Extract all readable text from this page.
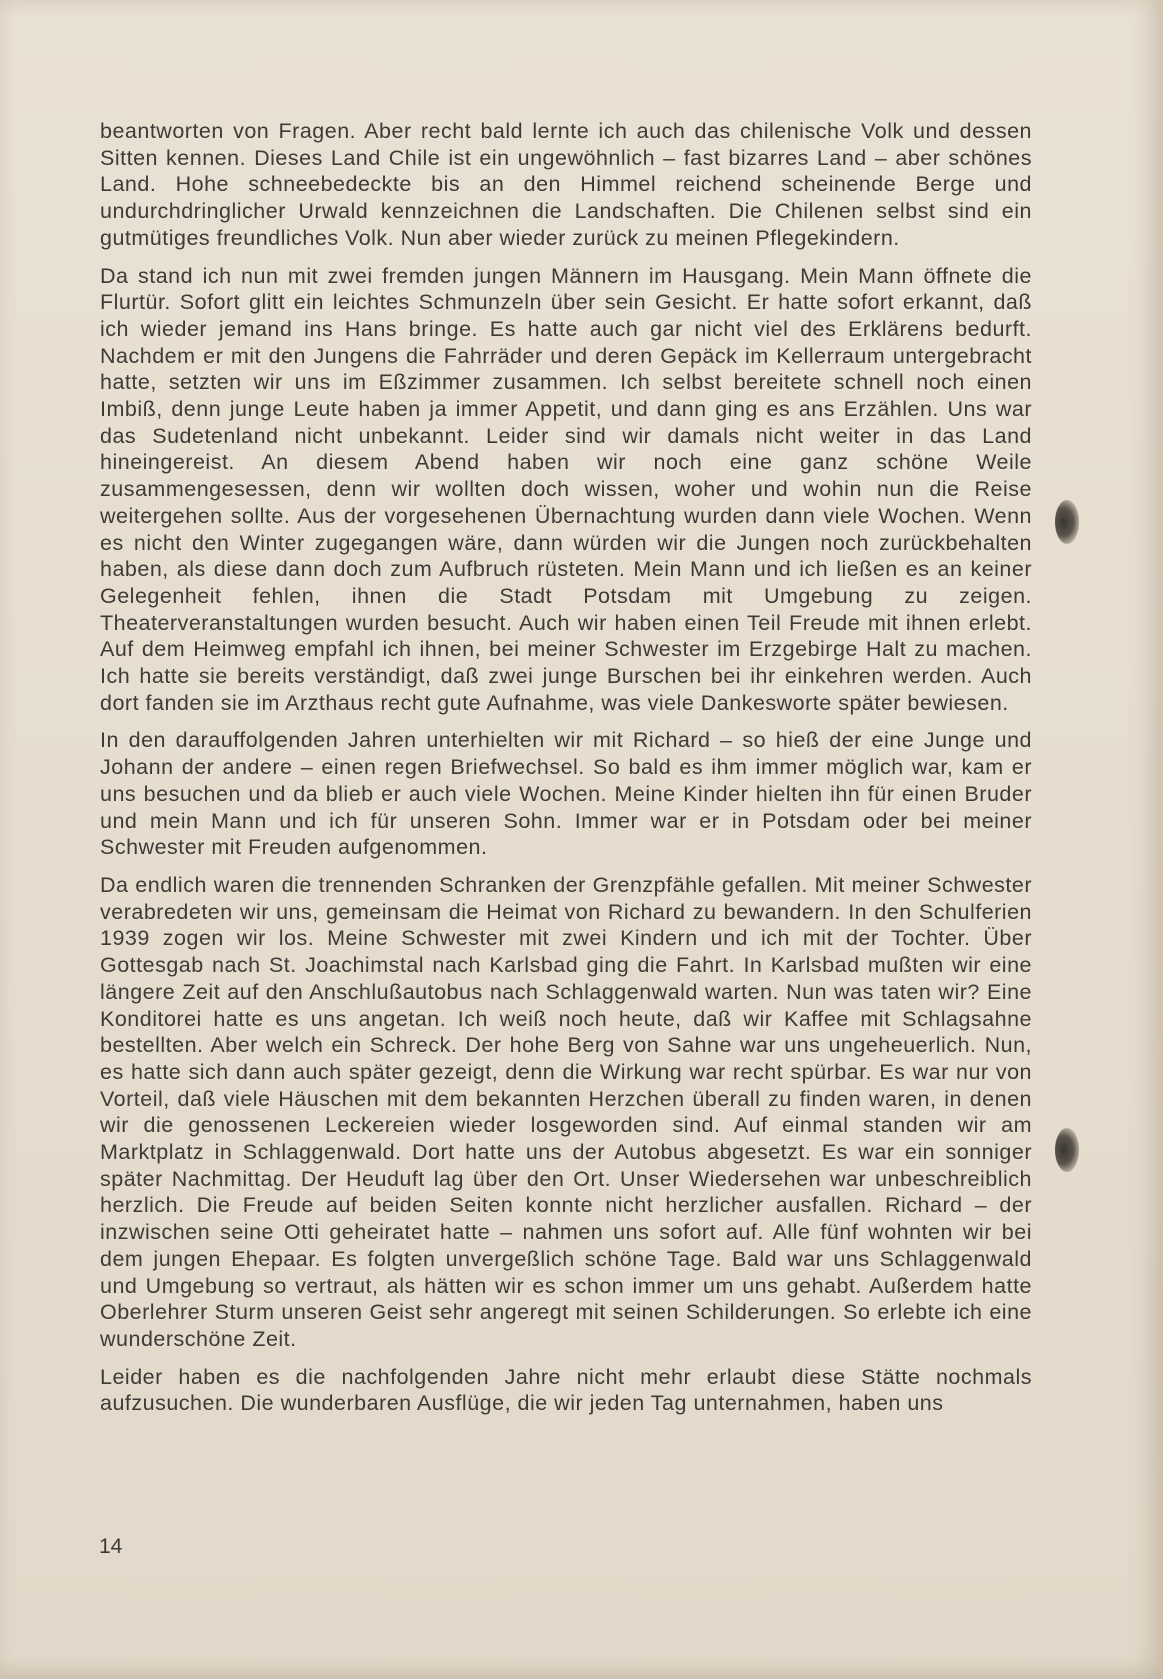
beantworten von Fragen. Aber recht bald lernte ich auch das chilenische Volk und dessen Sitten kennen. Dieses Land Chile ist ein ungewöhnlich – fast bizarres Land – aber schönes Land. Hohe schneebedeckte bis an den Himmel reichend scheinende Berge und undurchdringlicher Urwald kennzeichnen die Landschaften. Die Chilenen selbst sind ein gutmütiges freundliches Volk. Nun aber wieder zurück zu meinen Pflegekindern.

Da stand ich nun mit zwei fremden jungen Männern im Hausgang. Mein Mann öffnete die Flurtür. Sofort glitt ein leichtes Schmunzeln über sein Gesicht. Er hatte sofort erkannt, daß ich wieder jemand ins Hans bringe. Es hatte auch gar nicht viel des Erklärens bedurft. Nachdem er mit den Jungens die Fahrräder und deren Gepäck im Kellerraum untergebracht hatte, setzten wir uns im Eßzimmer zusammen. Ich selbst bereitete schnell noch einen Imbiß, denn junge Leute haben ja immer Appetit, und dann ging es ans Erzählen. Uns war das Sudetenland nicht unbekannt. Leider sind wir damals nicht weiter in das Land hineingereist. An diesem Abend haben wir noch eine ganz schöne Weile zusammengesessen, denn wir wollten doch wissen, woher und wohin nun die Reise weitergehen sollte. Aus der vorgesehenen Übernachtung wurden dann viele Wochen. Wenn es nicht den Winter zugegangen wäre, dann würden wir die Jungen noch zurückbehalten haben, als diese dann doch zum Aufbruch rüsteten. Mein Mann und ich ließen es an keiner Gelegenheit fehlen, ihnen die Stadt Potsdam mit Umgebung zu zeigen. Theaterveranstaltungen wurden besucht. Auch wir haben einen Teil Freude mit ihnen erlebt. Auf dem Heimweg empfahl ich ihnen, bei meiner Schwester im Erzgebirge Halt zu machen. Ich hatte sie bereits verständigt, daß zwei junge Burschen bei ihr einkehren werden. Auch dort fanden sie im Arzthaus recht gute Aufnahme, was viele Dankesworte später bewiesen.

In den darauffolgenden Jahren unterhielten wir mit Richard – so hieß der eine Junge und Johann der andere – einen regen Briefwechsel. So bald es ihm immer möglich war, kam er uns besuchen und da blieb er auch viele Wochen. Meine Kinder hielten ihn für einen Bruder und mein Mann und ich für unseren Sohn. Immer war er in Potsdam oder bei meiner Schwester mit Freuden aufgenommen.

Da endlich waren die trennenden Schranken der Grenzpfähle gefallen. Mit meiner Schwester verabredeten wir uns, gemeinsam die Heimat von Richard zu bewandern. In den Schulferien 1939 zogen wir los. Meine Schwester mit zwei Kindern und ich mit der Tochter. Über Gottesgab nach St. Joachimstal nach Karlsbad ging die Fahrt. In Karlsbad mußten wir eine längere Zeit auf den Anschlußautobus nach Schlaggenwald warten. Nun was taten wir? Eine Konditorei hatte es uns angetan. Ich weiß noch heute, daß wir Kaffee mit Schlagsahne bestellten. Aber welch ein Schreck. Der hohe Berg von Sahne war uns ungeheuerlich. Nun, es hatte sich dann auch später gezeigt, denn die Wirkung war recht spürbar. Es war nur von Vorteil, daß viele Häuschen mit dem bekannten Herzchen überall zu finden waren, in denen wir die genossenen Leckereien wieder losgeworden sind. Auf einmal standen wir am Marktplatz in Schlaggenwald. Dort hatte uns der Autobus abgesetzt. Es war ein sonniger später Nachmittag. Der Heuduft lag über den Ort. Unser Wiedersehen war unbeschreiblich herzlich. Die Freude auf beiden Seiten konnte nicht herzlicher ausfallen. Richard – der inzwischen seine Otti geheiratet hatte – nahmen uns sofort auf. Alle fünf wohnten wir bei dem jungen Ehepaar. Es folgten unvergeßlich schöne Tage. Bald war uns Schlaggenwald und Umgebung so vertraut, als hätten wir es schon immer um uns gehabt. Außerdem hatte Oberlehrer Sturm unseren Geist sehr angeregt mit seinen Schilderungen. So erlebte ich eine wunderschöne Zeit.

Leider haben es die nachfolgenden Jahre nicht mehr erlaubt diese Stätte nochmals aufzusuchen. Die wunderbaren Ausflüge, die wir jeden Tag unternahmen, haben uns

14
